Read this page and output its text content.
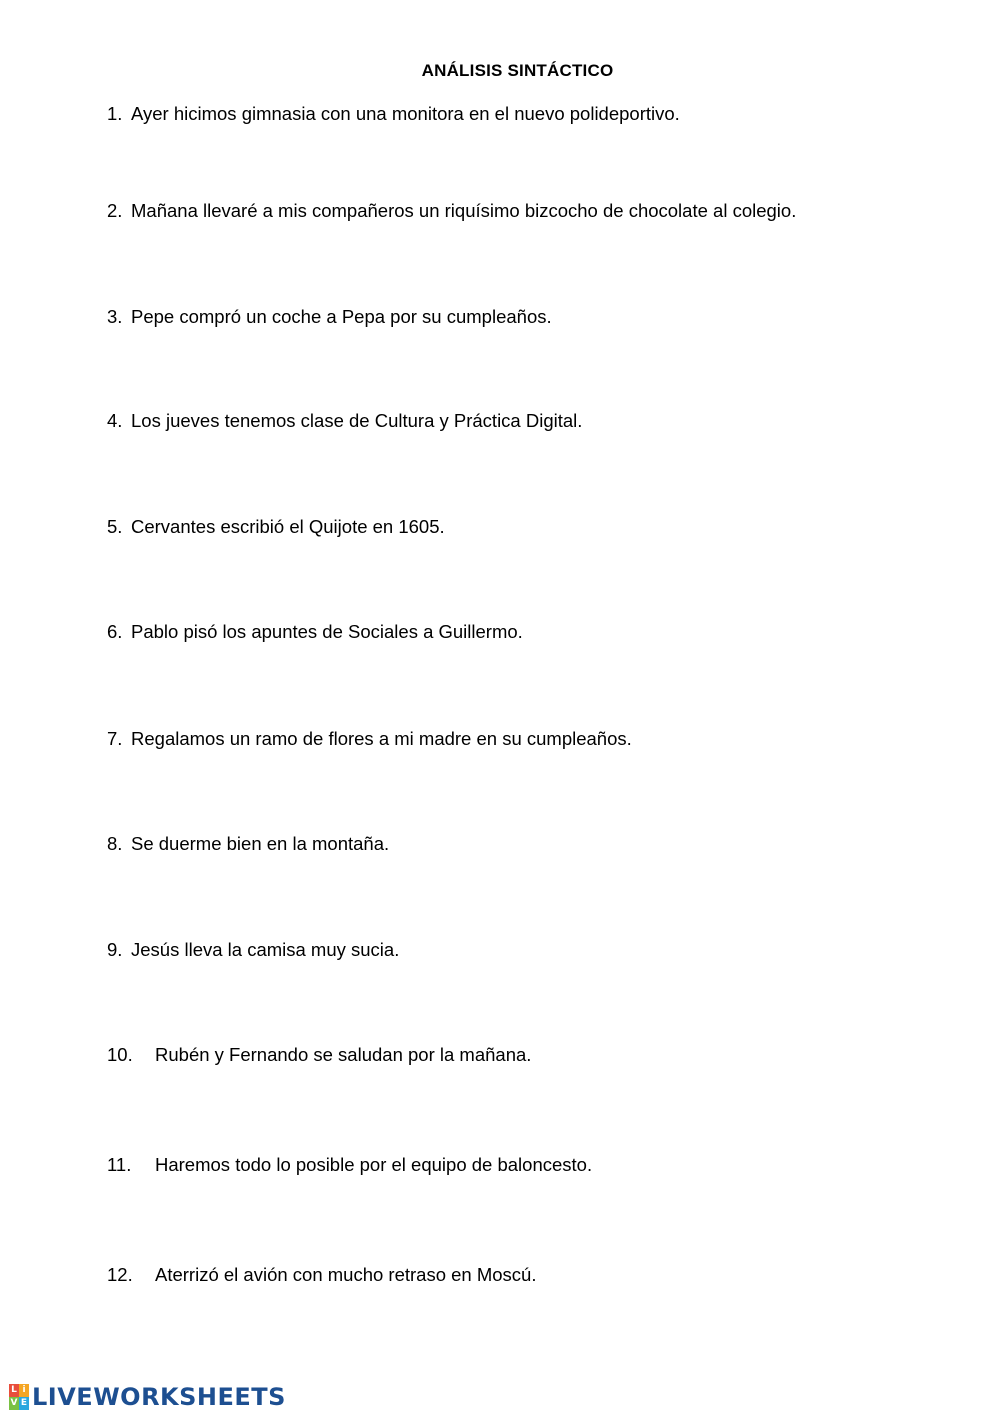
ANÁLISIS SINTÁCTICO
1. Ayer hicimos gimnasia con una monitora en el nuevo polideportivo.
2. Mañana llevaré a mis compañeros un riquísimo bizcocho de chocolate al colegio.
3. Pepe compró un coche a Pepa por su cumpleaños.
4. Los jueves tenemos clase de Cultura y Práctica Digital.
5. Cervantes escribió el Quijote en 1605.
6. Pablo pisó los apuntes de Sociales a Guillermo.
7. Regalamos un ramo de flores a mi madre en su cumpleaños.
8. Se duerme bien en la montaña.
9. Jesús lleva la camisa muy sucia.
10. Rubén y Fernando se saludan por la mañana.
11. Haremos todo lo posible por el equipo de baloncesto.
12. Aterrizó el avión con mucho retraso en Moscú.
L i
V E LIVEWORKSHEETS
